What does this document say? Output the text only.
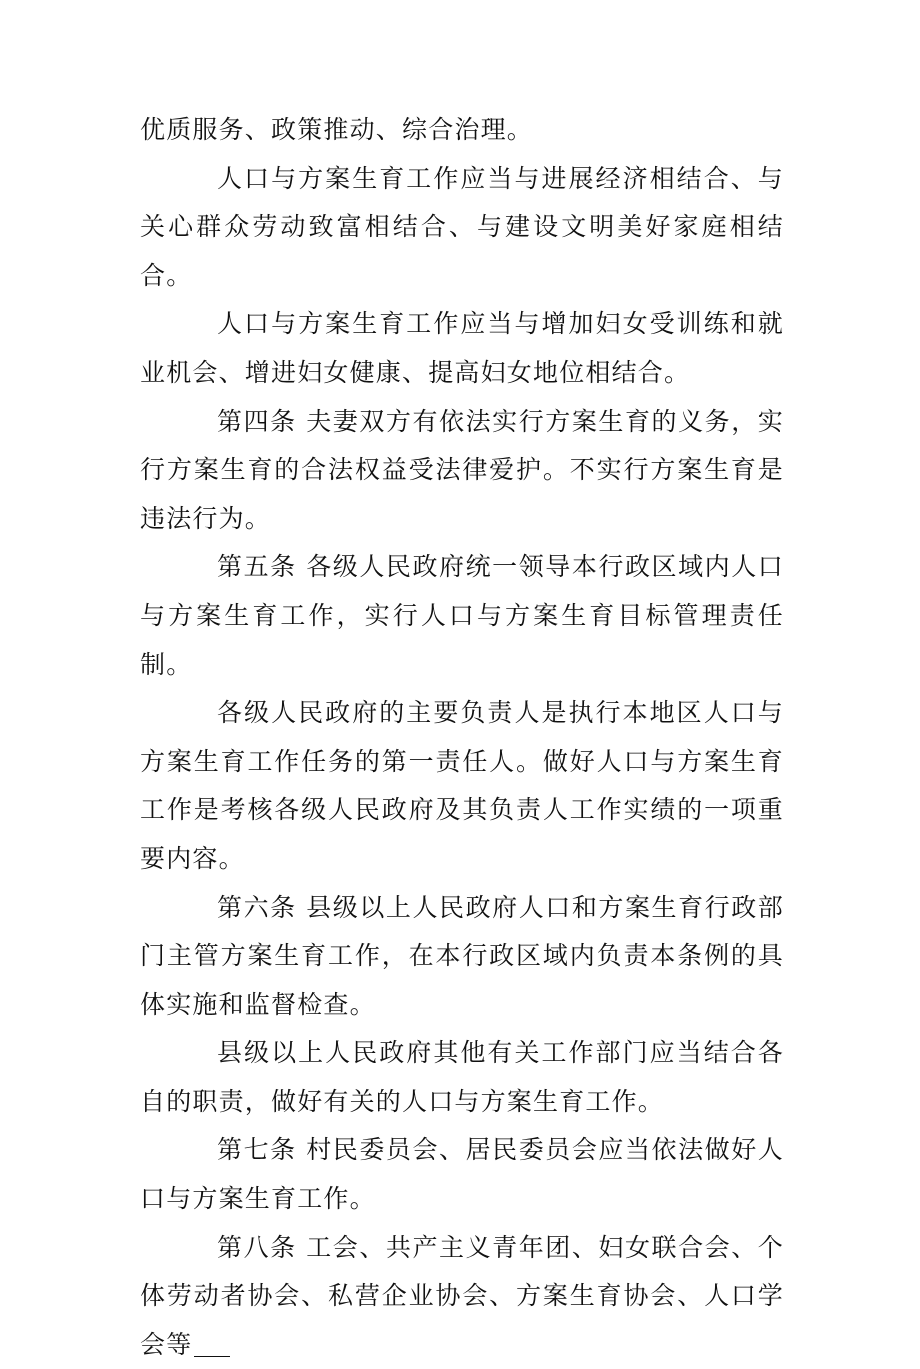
优质服务、政策推动、综合治理。

人口与方案生育工作应当与进展经济相结合、与关心群众劳动致富相结合、与建设文明美好家庭相结合。

人口与方案生育工作应当与增加妇女受训练和就业机会、增进妇女健康、提高妇女地位相结合。

第四条 夫妻双方有依法实行方案生育的义务，实行方案生育的合法权益受法律爱护。不实行方案生育是违法行为。

第五条 各级人民政府统一领导本行政区域内人口与方案生育工作，实行人口与方案生育目标管理责任制。

各级人民政府的主要负责人是执行本地区人口与方案生育工作任务的第一责任人。做好人口与方案生育工作是考核各级人民政府及其负责人工作实绩的一项重要内容。

第六条 县级以上人民政府人口和方案生育行政部门主管方案生育工作，在本行政区域内负责本条例的具体实施和监督检查。

县级以上人民政府其他有关工作部门应当结合各自的职责，做好有关的人口与方案生育工作。

第七条 村民委员会、居民委员会应当依法做好人口与方案生育工作。

第八条 工会、共产主义青年团、妇女联合会、个体劳动者协会、私营企业协会、方案生育协会、人口学会等
